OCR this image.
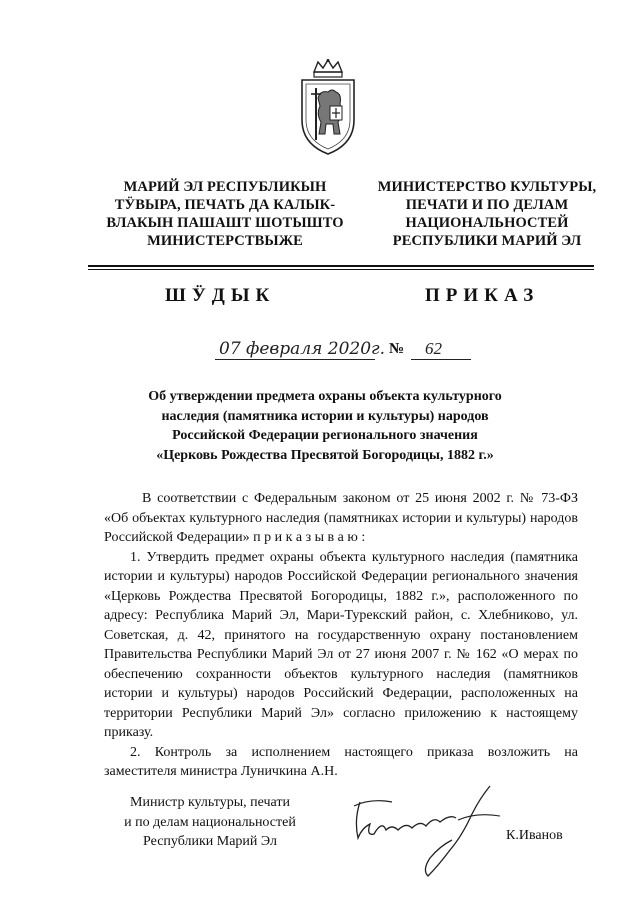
МАРИЙ ЭЛ РЕСПУБЛИКЫН
ТӰВЫРА, ПЕЧАТЬ ДА КАЛЫК-
ВЛАКЫН ПАШАШТ ШОТЫШТО
МИНИСТЕРСТВЫЖЕ
МИНИСТЕРСТВО КУЛЬТУРЫ,
ПЕЧАТИ И ПО ДЕЛАМ
НАЦИОНАЛЬНОСТЕЙ
РЕСПУБЛИКИ МАРИЙ ЭЛ
ШӰДЫК	ПРИКАЗ
07 февраля 2020г. № 62
Об утверждении предмета охраны объекта культурного
наследия (памятника истории и культуры) народов
Российской Федерации регионального значения
«Церковь Рождества Пресвятой Богородицы, 1882 г.»

В соответствии с Федеральным законом от 25 июня 2002 г. № 73-ФЗ «Об объектах культурного наследия (памятниках истории и культуры) народов Российской Федерации» п р и к а з ы в а ю :

1. Утвердить предмет охраны объекта культурного наследия (памятника истории и культуры) народов Российской Федерации регионального значения «Церковь Рождества Пресвятой Богородицы, 1882 г.», расположенного по адресу: Республика Марий Эл, Мари-Турекский район, с. Хлебниково, ул. Советская, д. 42, принятого на государственную охрану постановлением Правительства Республики Марий Эл от 27 июня 2007 г. № 162 «О мерах по обеспечению сохранности объектов культурного наследия (памятников истории и культуры) народов Российский Федерации, расположенных на территории Республики Марий Эл» согласно приложению к настоящему приказу.

2. Контроль за исполнением настоящего приказа возложить на заместителя министра Луничкина А.Н.

Министр культуры, печати
и по делам национальностей
Республики Марий Эл	К.Иванов
